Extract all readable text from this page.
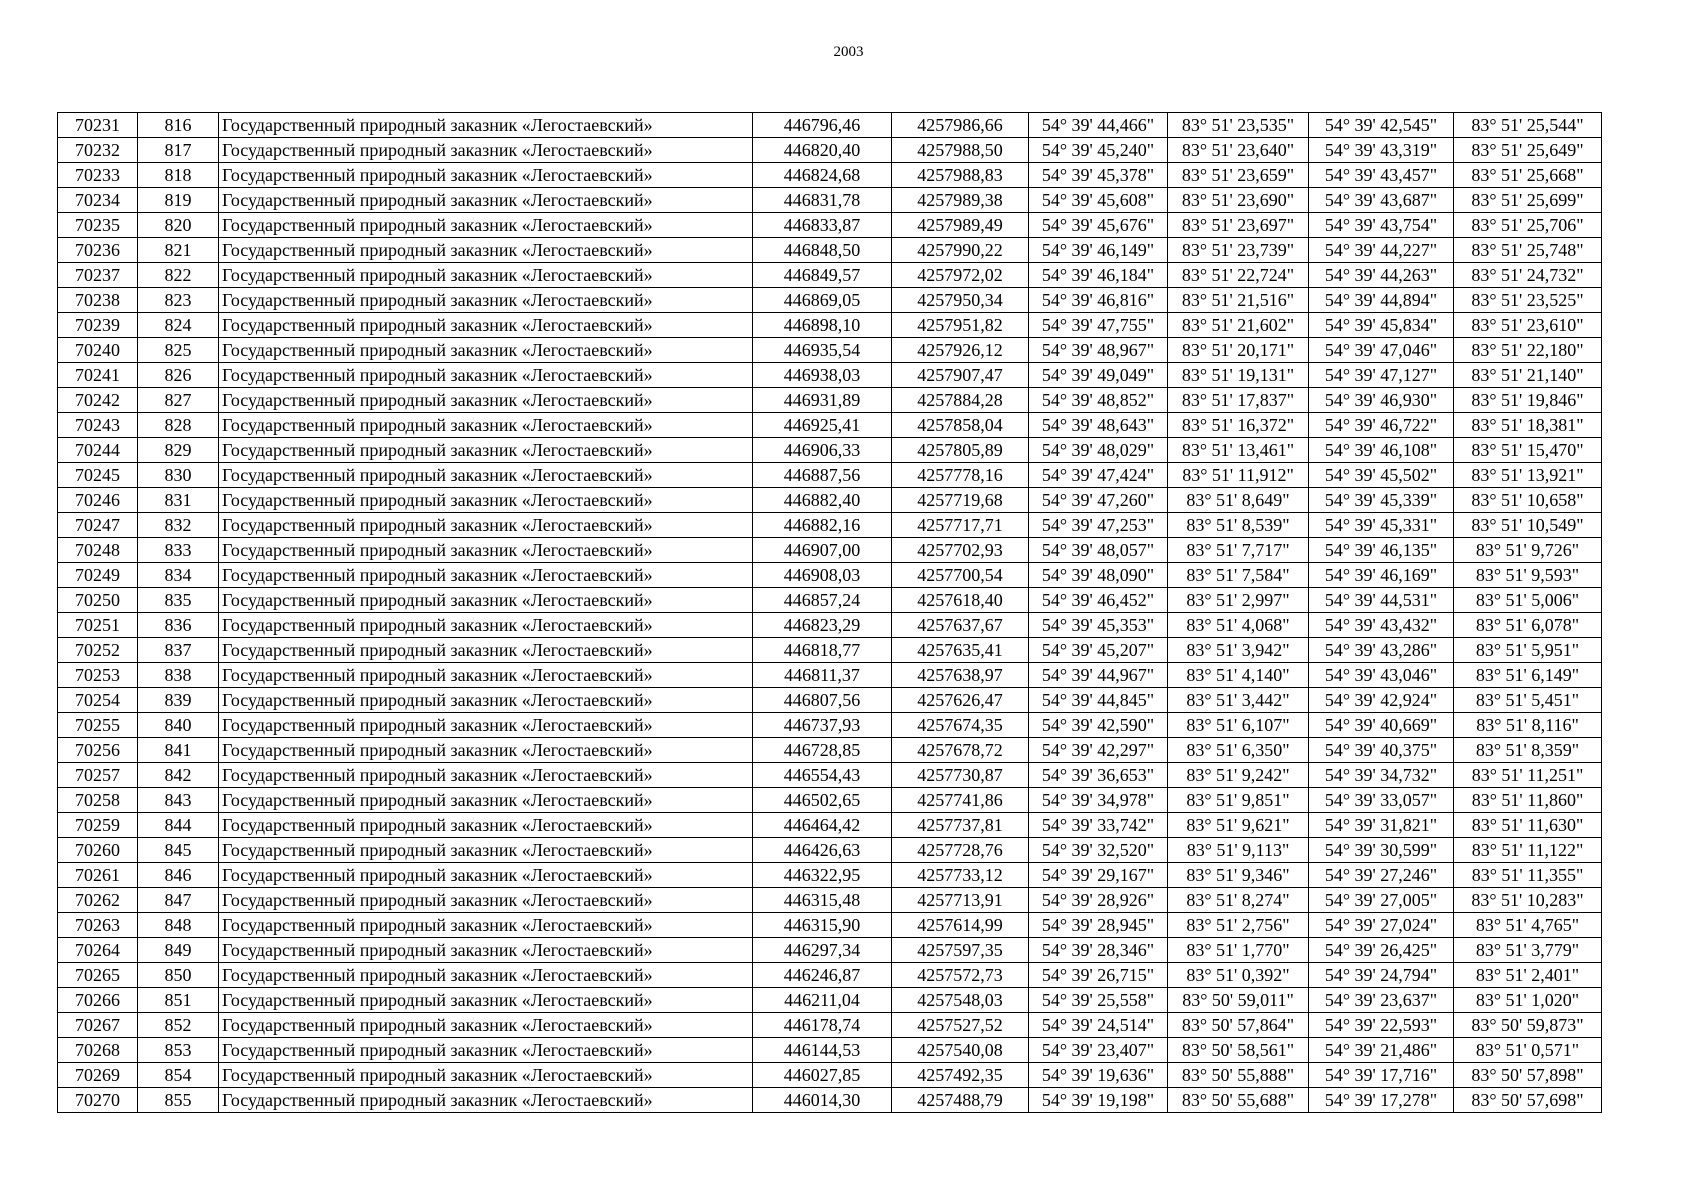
2003
70231	816	Государственный природный заказник «Легостаевский»	446796,46	4257986,66	54° 39' 44,466"	83° 51' 23,535"	54° 39' 42,545"	83° 51' 25,544"
70232	817	Государственный природный заказник «Легостаевский»	446820,40	4257988,50	54° 39' 45,240"	83° 51' 23,640"	54° 39' 43,319"	83° 51' 25,649"
70233	818	Государственный природный заказник «Легостаевский»	446824,68	4257988,83	54° 39' 45,378"	83° 51' 23,659"	54° 39' 43,457"	83° 51' 25,668"
70234	819	Государственный природный заказник «Легостаевский»	446831,78	4257989,38	54° 39' 45,608"	83° 51' 23,690"	54° 39' 43,687"	83° 51' 25,699"
70235	820	Государственный природный заказник «Легостаевский»	446833,87	4257989,49	54° 39' 45,676"	83° 51' 23,697"	54° 39' 43,754"	83° 51' 25,706"
70236	821	Государственный природный заказник «Легостаевский»	446848,50	4257990,22	54° 39' 46,149"	83° 51' 23,739"	54° 39' 44,227"	83° 51' 25,748"
70237	822	Государственный природный заказник «Легостаевский»	446849,57	4257972,02	54° 39' 46,184"	83° 51' 22,724"	54° 39' 44,263"	83° 51' 24,732"
70238	823	Государственный природный заказник «Легостаевский»	446869,05	4257950,34	54° 39' 46,816"	83° 51' 21,516"	54° 39' 44,894"	83° 51' 23,525"
70239	824	Государственный природный заказник «Легостаевский»	446898,10	4257951,82	54° 39' 47,755"	83° 51' 21,602"	54° 39' 45,834"	83° 51' 23,610"
70240	825	Государственный природный заказник «Легостаевский»	446935,54	4257926,12	54° 39' 48,967"	83° 51' 20,171"	54° 39' 47,046"	83° 51' 22,180"
70241	826	Государственный природный заказник «Легостаевский»	446938,03	4257907,47	54° 39' 49,049"	83° 51' 19,131"	54° 39' 47,127"	83° 51' 21,140"
70242	827	Государственный природный заказник «Легостаевский»	446931,89	4257884,28	54° 39' 48,852"	83° 51' 17,837"	54° 39' 46,930"	83° 51' 19,846"
70243	828	Государственный природный заказник «Легостаевский»	446925,41	4257858,04	54° 39' 48,643"	83° 51' 16,372"	54° 39' 46,722"	83° 51' 18,381"
70244	829	Государственный природный заказник «Легостаевский»	446906,33	4257805,89	54° 39' 48,029"	83° 51' 13,461"	54° 39' 46,108"	83° 51' 15,470"
70245	830	Государственный природный заказник «Легостаевский»	446887,56	4257778,16	54° 39' 47,424"	83° 51' 11,912"	54° 39' 45,502"	83° 51' 13,921"
70246	831	Государственный природный заказник «Легостаевский»	446882,40	4257719,68	54° 39' 47,260"	83° 51' 8,649"	54° 39' 45,339"	83° 51' 10,658"
70247	832	Государственный природный заказник «Легостаевский»	446882,16	4257717,71	54° 39' 47,253"	83° 51' 8,539"	54° 39' 45,331"	83° 51' 10,549"
70248	833	Государственный природный заказник «Легостаевский»	446907,00	4257702,93	54° 39' 48,057"	83° 51' 7,717"	54° 39' 46,135"	83° 51' 9,726"
70249	834	Государственный природный заказник «Легостаевский»	446908,03	4257700,54	54° 39' 48,090"	83° 51' 7,584"	54° 39' 46,169"	83° 51' 9,593"
70250	835	Государственный природный заказник «Легостаевский»	446857,24	4257618,40	54° 39' 46,452"	83° 51' 2,997"	54° 39' 44,531"	83° 51' 5,006"
70251	836	Государственный природный заказник «Легостаевский»	446823,29	4257637,67	54° 39' 45,353"	83° 51' 4,068"	54° 39' 43,432"	83° 51' 6,078"
70252	837	Государственный природный заказник «Легостаевский»	446818,77	4257635,41	54° 39' 45,207"	83° 51' 3,942"	54° 39' 43,286"	83° 51' 5,951"
70253	838	Государственный природный заказник «Легостаевский»	446811,37	4257638,97	54° 39' 44,967"	83° 51' 4,140"	54° 39' 43,046"	83° 51' 6,149"
70254	839	Государственный природный заказник «Легостаевский»	446807,56	4257626,47	54° 39' 44,845"	83° 51' 3,442"	54° 39' 42,924"	83° 51' 5,451"
70255	840	Государственный природный заказник «Легостаевский»	446737,93	4257674,35	54° 39' 42,590"	83° 51' 6,107"	54° 39' 40,669"	83° 51' 8,116"
70256	841	Государственный природный заказник «Легостаевский»	446728,85	4257678,72	54° 39' 42,297"	83° 51' 6,350"	54° 39' 40,375"	83° 51' 8,359"
70257	842	Государственный природный заказник «Легостаевский»	446554,43	4257730,87	54° 39' 36,653"	83° 51' 9,242"	54° 39' 34,732"	83° 51' 11,251"
70258	843	Государственный природный заказник «Легостаевский»	446502,65	4257741,86	54° 39' 34,978"	83° 51' 9,851"	54° 39' 33,057"	83° 51' 11,860"
70259	844	Государственный природный заказник «Легостаевский»	446464,42	4257737,81	54° 39' 33,742"	83° 51' 9,621"	54° 39' 31,821"	83° 51' 11,630"
70260	845	Государственный природный заказник «Легостаевский»	446426,63	4257728,76	54° 39' 32,520"	83° 51' 9,113"	54° 39' 30,599"	83° 51' 11,122"
70261	846	Государственный природный заказник «Легостаевский»	446322,95	4257733,12	54° 39' 29,167"	83° 51' 9,346"	54° 39' 27,246"	83° 51' 11,355"
70262	847	Государственный природный заказник «Легостаевский»	446315,48	4257713,91	54° 39' 28,926"	83° 51' 8,274"	54° 39' 27,005"	83° 51' 10,283"
70263	848	Государственный природный заказник «Легостаевский»	446315,90	4257614,99	54° 39' 28,945"	83° 51' 2,756"	54° 39' 27,024"	83° 51' 4,765"
70264	849	Государственный природный заказник «Легостаевский»	446297,34	4257597,35	54° 39' 28,346"	83° 51' 1,770"	54° 39' 26,425"	83° 51' 3,779"
70265	850	Государственный природный заказник «Легостаевский»	446246,87	4257572,73	54° 39' 26,715"	83° 51' 0,392"	54° 39' 24,794"	83° 51' 2,401"
70266	851	Государственный природный заказник «Легостаевский»	446211,04	4257548,03	54° 39' 25,558"	83° 50' 59,011"	54° 39' 23,637"	83° 51' 1,020"
70267	852	Государственный природный заказник «Легостаевский»	446178,74	4257527,52	54° 39' 24,514"	83° 50' 57,864"	54° 39' 22,593"	83° 50' 59,873"
70268	853	Государственный природный заказник «Легостаевский»	446144,53	4257540,08	54° 39' 23,407"	83° 50' 58,561"	54° 39' 21,486"	83° 51' 0,571"
70269	854	Государственный природный заказник «Легостаевский»	446027,85	4257492,35	54° 39' 19,636"	83° 50' 55,888"	54° 39' 17,716"	83° 50' 57,898"
70270	855	Государственный природный заказник «Легостаевский»	446014,30	4257488,79	54° 39' 19,198"	83° 50' 55,688"	54° 39' 17,278"	83° 50' 57,698"
